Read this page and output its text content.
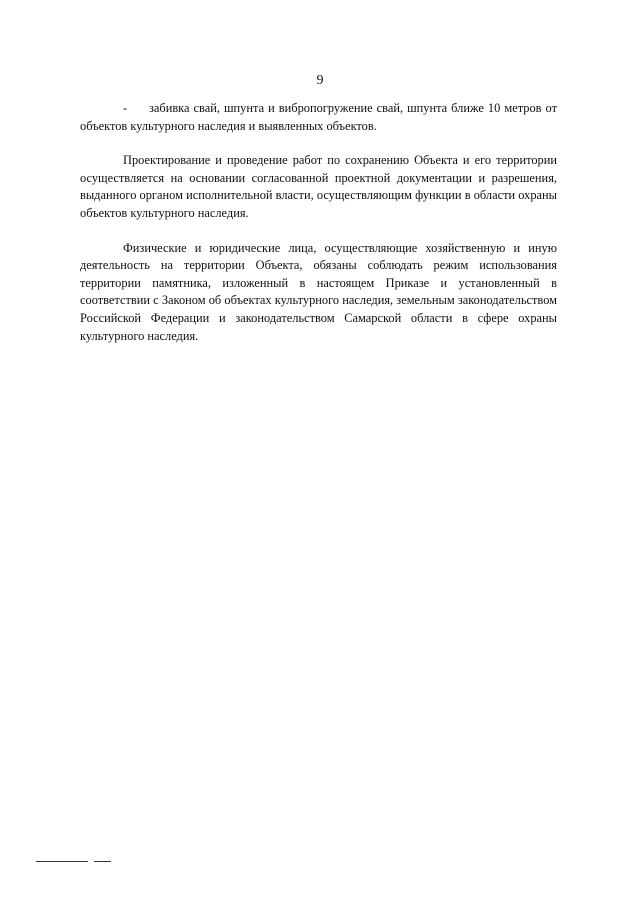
9

- забивка свай, шпунта и вибропогружение свай, шпунта ближе 10 метров от объектов культурного наследия и выявленных объектов.

Проектирование и проведение работ по сохранению Объекта и его территории осуществляется на основании согласованной проектной документации и разрешения, выданного органом исполнительной власти, осуществляющим функции в области охраны объектов культурного наследия.

Физические и юридические лица, осуществляющие хозяйственную и иную деятельность на территории Объекта, обязаны соблюдать режим использования территории памятника, изложенный в настоящем Приказе и установленный в соответствии с Законом об объектах культурного наследия, земельным законодательством Российской Федерации и законодательством Самарской области в сфере охраны культурного наследия.
